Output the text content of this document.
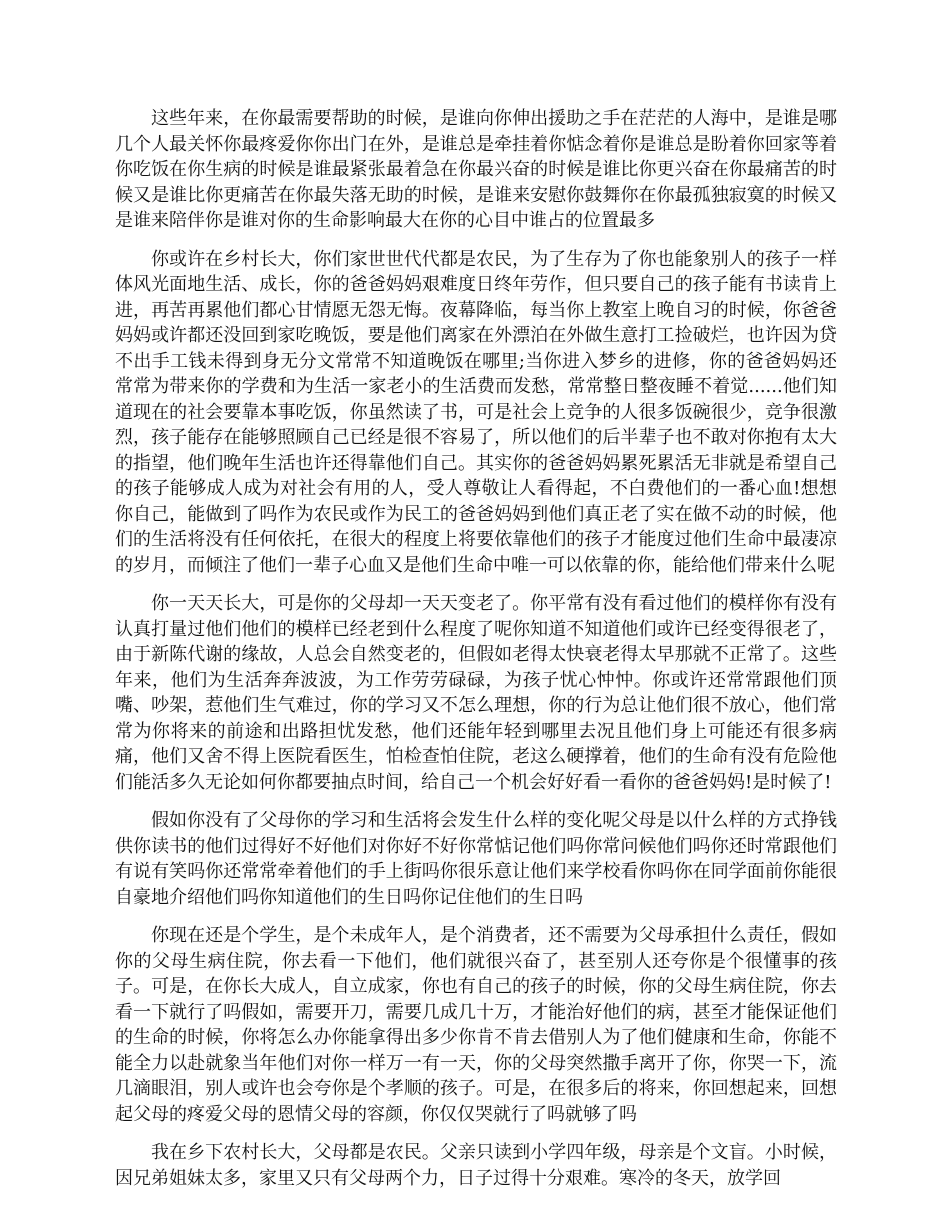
这些年来，在你最需要帮助的时候，是谁向你伸出援助之手在茫茫的人海中，是谁是哪几个人最关怀你最疼爱你你出门在外，是谁总是牵挂着你惦念着你是谁总是盼着你回家等着你吃饭在你生病的时候是谁最紧张最着急在你最兴奋的时候是谁比你更兴奋在你最痛苦的时候又是谁比你更痛苦在你最失落无助的时候，是谁来安慰你鼓舞你在你最孤独寂寞的时候又是谁来陪伴你是谁对你的生命影响最大在你的心目中谁占的位置最多

你或许在乡村长大，你们家世世代代都是农民，为了生存为了你也能象别人的孩子一样体风光面地生活、成长，你的爸爸妈妈艰难度日终年劳作，但只要自己的孩子能有书读肯上进，再苦再累他们都心甘情愿无怨无悔。夜幕降临，每当你上教室上晚自习的时候，你爸爸妈妈或许都还没回到家吃晚饭，要是他们离家在外漂泊在外做生意打工捡破烂，也许因为贷不出手工钱未得到身无分文常常不知道晚饭在哪里;当你进入梦乡的进修，你的爸爸妈妈还常常为带来你的学费和为生活一家老小的生活费而发愁，常常整日整夜睡不着觉......他们知道现在的社会要靠本事吃饭，你虽然读了书，可是社会上竞争的人很多饭碗很少，竞争很激烈，孩子能存在能够照顾自己已经是很不容易了，所以他们的后半辈子也不敢对你抱有太大的指望，他们晚年生活也许还得靠他们自己。其实你的爸爸妈妈累死累活无非就是希望自己的孩子能够成人成为对社会有用的人，受人尊敬让人看得起，不白费他们的一番心血!想想你自己，能做到了吗作为农民或作为民工的爸爸妈妈到他们真正老了实在做不动的时候，他们的生活将没有任何依托，在很大的程度上将要依靠他们的孩子才能度过他们生命中最凄凉的岁月，而倾注了他们一辈子心血又是他们生命中唯一可以依靠的你，能给他们带来什么呢

你一天天长大，可是你的父母却一天天变老了。你平常有没有看过他们的模样你有没有认真打量过他们他们的模样已经老到什么程度了呢你知道不知道他们或许已经变得很老了，由于新陈代谢的缘故，人总会自然变老的，但假如老得太快衰老得太早那就不正常了。这些年来，他们为生活奔奔波波，为工作劳劳碌碌，为孩子忧心忡忡。你或许还常常跟他们顶嘴、吵架，惹他们生气难过，你的学习又不怎么理想，你的行为总让他们很不放心，他们常常为你将来的前途和出路担忧发愁，他们还能年轻到哪里去况且他们身上可能还有很多病痛，他们又舍不得上医院看医生，怕检查怕住院，老这么硬撑着，他们的生命有没有危险他们能活多久无论如何你都要抽点时间，给自己一个机会好好看一看你的爸爸妈妈!是时候了!

假如你没有了父母你的学习和生活将会发生什么样的变化呢父母是以什么样的方式挣钱供你读书的他们过得好不好他们对你好不好你常惦记他们吗你常问候他们吗你还时常跟他们有说有笑吗你还常常牵着他们的手上街吗你很乐意让他们来学校看你吗你在同学面前你能很自豪地介绍他们吗你知道他们的生日吗你记住他们的生日吗

你现在还是个学生，是个未成年人，是个消费者，还不需要为父母承担什么责任，假如你的父母生病住院，你去看一下他们，他们就很兴奋了，甚至别人还夸你是个很懂事的孩子。可是，在你长大成人，自立成家，你也有自己的孩子的时候，你的父母生病住院，你去看一下就行了吗假如，需要开刀，需要几成几十万，才能治好他们的病，甚至才能保证他们的生命的时候，你将怎么办你能拿得出多少你肯不肯去借别人为了他们健康和生命，你能不能全力以赴就象当年他们对你一样万一有一天，你的父母突然撒手离开了你，你哭一下，流几滴眼泪，别人或许也会夸你是个孝顺的孩子。可是，在很多后的将来，你回想起来，回想起父母的疼爱父母的恩情父母的容颜，你仅仅哭就行了吗就够了吗

我在乡下农村长大，父母都是农民。父亲只读到小学四年级，母亲是个文盲。小时候，因兄弟姐妹太多，家里又只有父母两个力，日子过得十分艰难。寒冷的冬天，放学回
